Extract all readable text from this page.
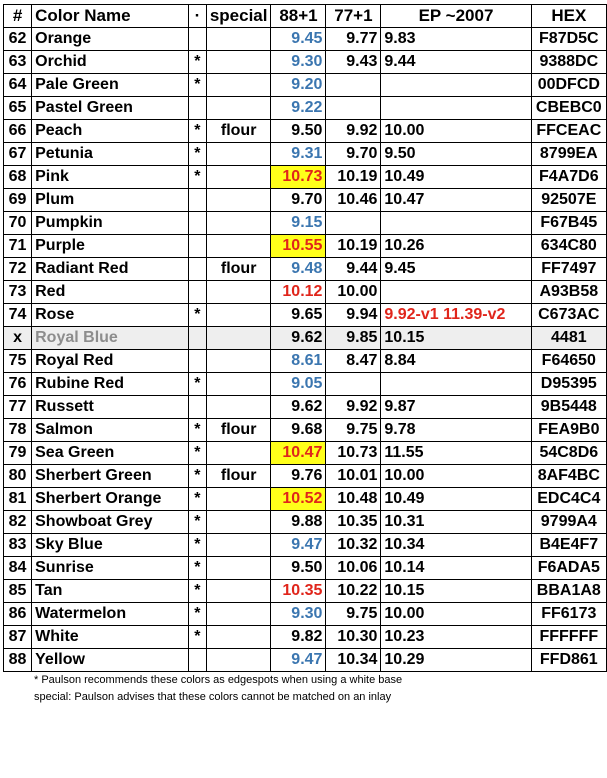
#	Color Name	·	special	88+1	77+1	EP ~2007	HEX
62	Orange			9.45	9.77	9.83	F87D5C
63	Orchid	*		9.30	9.43	9.44	9388DC
64	Pale Green	*		9.20			00DFCD
65	Pastel Green			9.22			CBEBC0
66	Peach	*	flour	9.50	9.92	10.00	FFCEAC
67	Petunia	*		9.31	9.70	9.50	8799EA
68	Pink	*		10.73	10.19	10.49	F4A7D6
69	Plum			9.70	10.46	10.47	92507E
70	Pumpkin			9.15			F67B45
71	Purple			10.55	10.19	10.26	634C80
72	Radiant Red		flour	9.48	9.44	9.45	FF7497
73	Red			10.12	10.00		A93B58
74	Rose	*		9.65	9.94	9.92-v1 11.39-v2	C673AC
x	Royal Blue			9.62	9.85	10.15	4481
75	Royal Red			8.61	8.47	8.84	F64650
76	Rubine Red	*		9.05			D95395
77	Russett			9.62	9.92	9.87	9B5448
78	Salmon	*	flour	9.68	9.75	9.78	FEA9B0
79	Sea Green	*		10.47	10.73	11.55	54C8D6
80	Sherbert Green	*	flour	9.76	10.01	10.00	8AF4BC
81	Sherbert Orange	*		10.52	10.48	10.49	EDC4C4
82	Showboat Grey	*		9.88	10.35	10.31	9799A4
83	Sky Blue	*		9.47	10.32	10.34	B4E4F7
84	Sunrise	*		9.50	10.06	10.14	F6ADA5
85	Tan	*		10.35	10.22	10.15	BBA1A8
86	Watermelon	*		9.30	9.75	10.00	FF6173
87	White	*		9.82	10.30	10.23	FFFFFF
88	Yellow			9.47	10.34	10.29	FFD861
* Paulson recommends these colors as edgespots when using a white base
special: Paulson advises that these colors cannot be matched on an inlay
